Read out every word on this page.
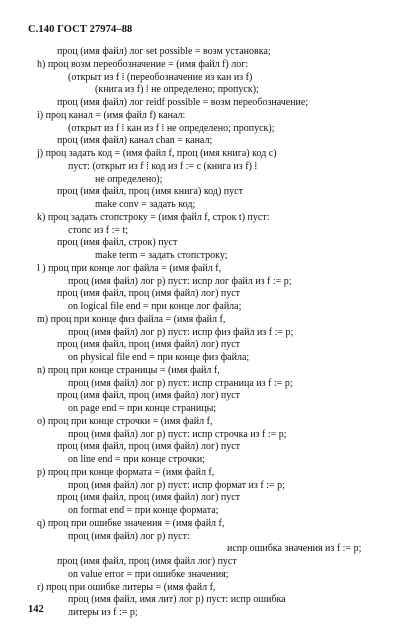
С.140 ГОСТ 27974–88
проц (имя файл) лог set possible = возм установка;
h) проц возм переобозначение = (имя файл f) лог:
(открыт из f ⁞ (переобозначение из кан из f)
(книга из f) ⁞ не определено; пропуск);
проц (имя файл) лог reidf possible = возм переобозначение;
i) проц канал = (имя файл f) канал:
(открыт из f ⁞ кан из f ⁞ не определено; пропуск);
проц (имя файл) канал chan = канал;
j) проц задать код = (имя файл f, проц (имя книга) код c)
пуст: (открыт из f ⁞ код из f := c (книга из f) ⁞
не определено);
проц (имя файл, проц (имя книга) код) пуст
make conv = задать код;
k) проц задать стопстроку = (имя файл f, строк t) пуст:
стопс из f := t;
проц (имя файл, строк) пуст
make term = задать стопстроку;
l ) проц при конце лог файла = (имя файл f,
проц (имя файл) лог p) пуст: испр лог файл из f := p;
проц (имя файл, проц (имя файл) лог) пуст
on logical file end = при конце лог файла;
m) проц при конце физ файла = (имя файл f,
проц (имя файл) лог p) пуст: испр физ файл из f := p;
проц (имя файл, проц (имя файл) лог) пуст
on physical file end = при конце физ файла;
n) проц при конце страницы = (имя файл f,
проц (имя файл) лог p) пуст: испр страница из f := p;
проц (имя файл, проц (имя файл) лог) пуст
on page end = при конце страницы;
o) проц при конце строчки = (имя файл f,
проц (имя файл) лог p) пуст: испр строчка из f := p;
проц (имя файл, проц (имя файл) лог) пуст
on line end = при конце строчки;
p) проц при конце формата = (имя файл f,
проц (имя файл) лог p) пуст: испр формат из f := p;
проц (имя файл, проц (имя файл) лог) пуст
on format end = при конце формата;
q) проц при ошибке значения = (имя файл f,
проц (имя файл) лог p) пуст:
испр ошибка значения из f := p;
проц (имя файл, проц (имя файл лог) пуст
on value error = при ошибке значения;
r) проц при ошибке литеры = (имя файл f,
проц (имя файл, имя лит) лог p) пуст: испр ошибка
литеры из f := p;
142
